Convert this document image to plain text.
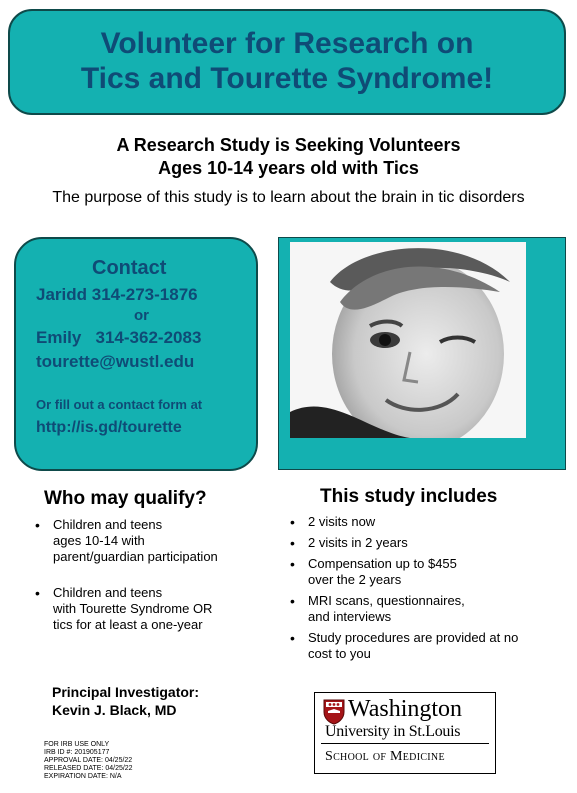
Volunteer for Research on
Tics and Tourette Syndrome!
A Research Study is Seeking Volunteers
Ages 10-14 years old with Tics
The purpose of this study is to learn about the brain in tic disorders
Contact
Jaridd 314-273-1876
or
Emily   314-362-2083
tourette@wustl.edu
Or fill out a contact form at
http://is.gd/tourette
Who may qualify?
• Children and teens
ages 10-14 with
parent/guardian participation
• Children and teens
with Tourette Syndrome OR
tics for at least a one-year
This study includes
• 2 visits now
• 2 visits in 2 years
• Compensation up to $455
over the 2 years
• MRI scans, questionnaires,
and interviews
• Study procedures are provided at no
cost to you
Principal Investigator:
Kevin J. Black, MD
FOR IRB USE ONLY
IRB ID #: 201905177
APPROVAL DATE: 04/25/22
RELEASED DATE: 04/25/22
EXPIRATION DATE: N/A
Washington
University in St.Louis
School of Medicine
